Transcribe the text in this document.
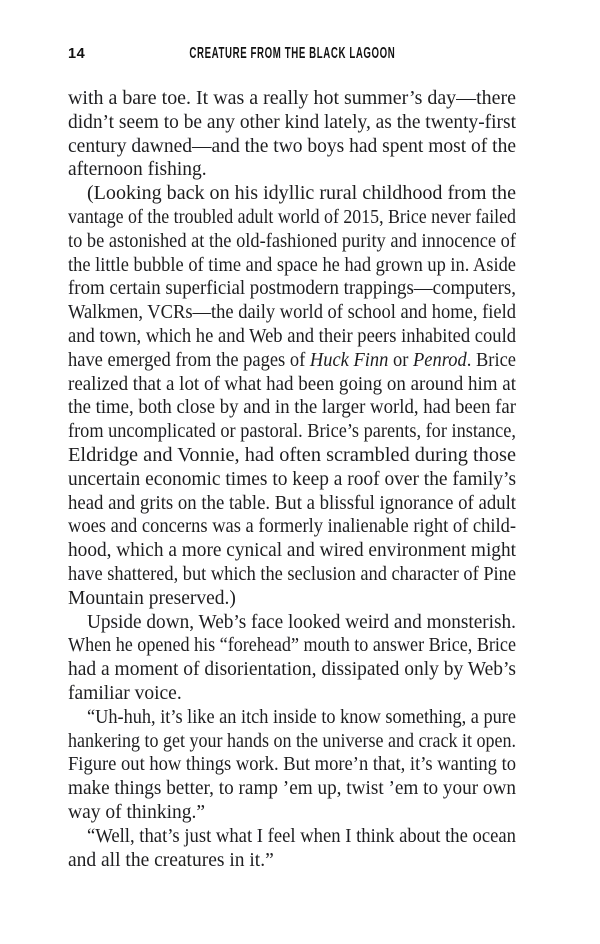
14	CREATURE FROM THE BLACK LAGOON
with a bare toe. It was a really hot summer’s day—there
didn’t seem to be any other kind lately, as the twenty-first
century dawned—and the two boys had spent most of the
afternoon fishing.
(Looking back on his idyllic rural childhood from the
vantage of the troubled adult world of 2015, Brice never failed
to be astonished at the old-fashioned purity and innocence of
the little bubble of time and space he had grown up in. Aside
from certain superficial postmodern trappings—computers,
Walkmen, VCRs—the daily world of school and home, field
and town, which he and Web and their peers inhabited could
have emerged from the pages of Huck Finn or Penrod. Brice
realized that a lot of what had been going on around him at
the time, both close by and in the larger world, had been far
from uncomplicated or pastoral. Brice’s parents, for instance,
Eldridge and Vonnie, had often scrambled during those
uncertain economic times to keep a roof over the family’s
head and grits on the table. But a blissful ignorance of adult
woes and concerns was a formerly inalienable right of child-
hood, which a more cynical and wired environment might
have shattered, but which the seclusion and character of Pine
Mountain preserved.)
Upside down, Web’s face looked weird and monsterish.
When he opened his “forehead” mouth to answer Brice, Brice
had a moment of disorientation, dissipated only by Web’s
familiar voice.
“Uh-huh, it’s like an itch inside to know something, a pure
hankering to get your hands on the universe and crack it open.
Figure out how things work. But more’n that, it’s wanting to
make things better, to ramp ’em up, twist ’em to your own
way of thinking.”
“Well, that’s just what I feel when I think about the ocean
and all the creatures in it.”
